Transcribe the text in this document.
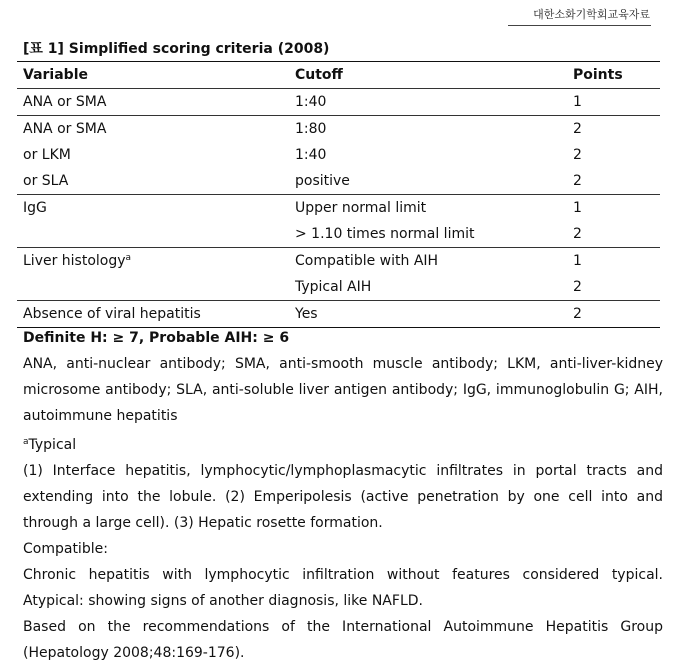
대한소화기학회교육자료
[표 1] Simplified scoring criteria (2008)
Variable	Cutoff	Points
ANA or SMA	1:40	1
ANA or SMA	1:80	2
or LKM	1:40	2
or SLA	positive	2
IgG	Upper normal limit	1
	> 1.10 times normal limit	2
Liver histology$^a$	Compatible with AIH	1
	Typical AIH	2
Absence of viral hepatitis	Yes	2

Definite H: ≥ 7, Probable AIH: ≥ 6

ANA, anti-nuclear antibody; SMA, anti-smooth muscle antibody; LKM, anti-liver-kidney microsome antibody; SLA, anti-soluble liver antigen antibody; IgG, immunoglobulin G; AIH, autoimmune hepatitis

$^a$Typical

(1) Interface hepatitis, lymphocytic/lymphoplasmacytic infiltrates in portal tracts and extending into the lobule. (2) Emperipolesis (active penetration by one cell into and through a large cell). (3) Hepatic rosette formation.

Compatible:

Chronic hepatitis with lymphocytic infiltration without features considered typical. Atypical: showing signs of another diagnosis, like NAFLD.

Based on the recommendations of the International Autoimmune Hepatitis Group (Hepatology 2008;48:169-176).
